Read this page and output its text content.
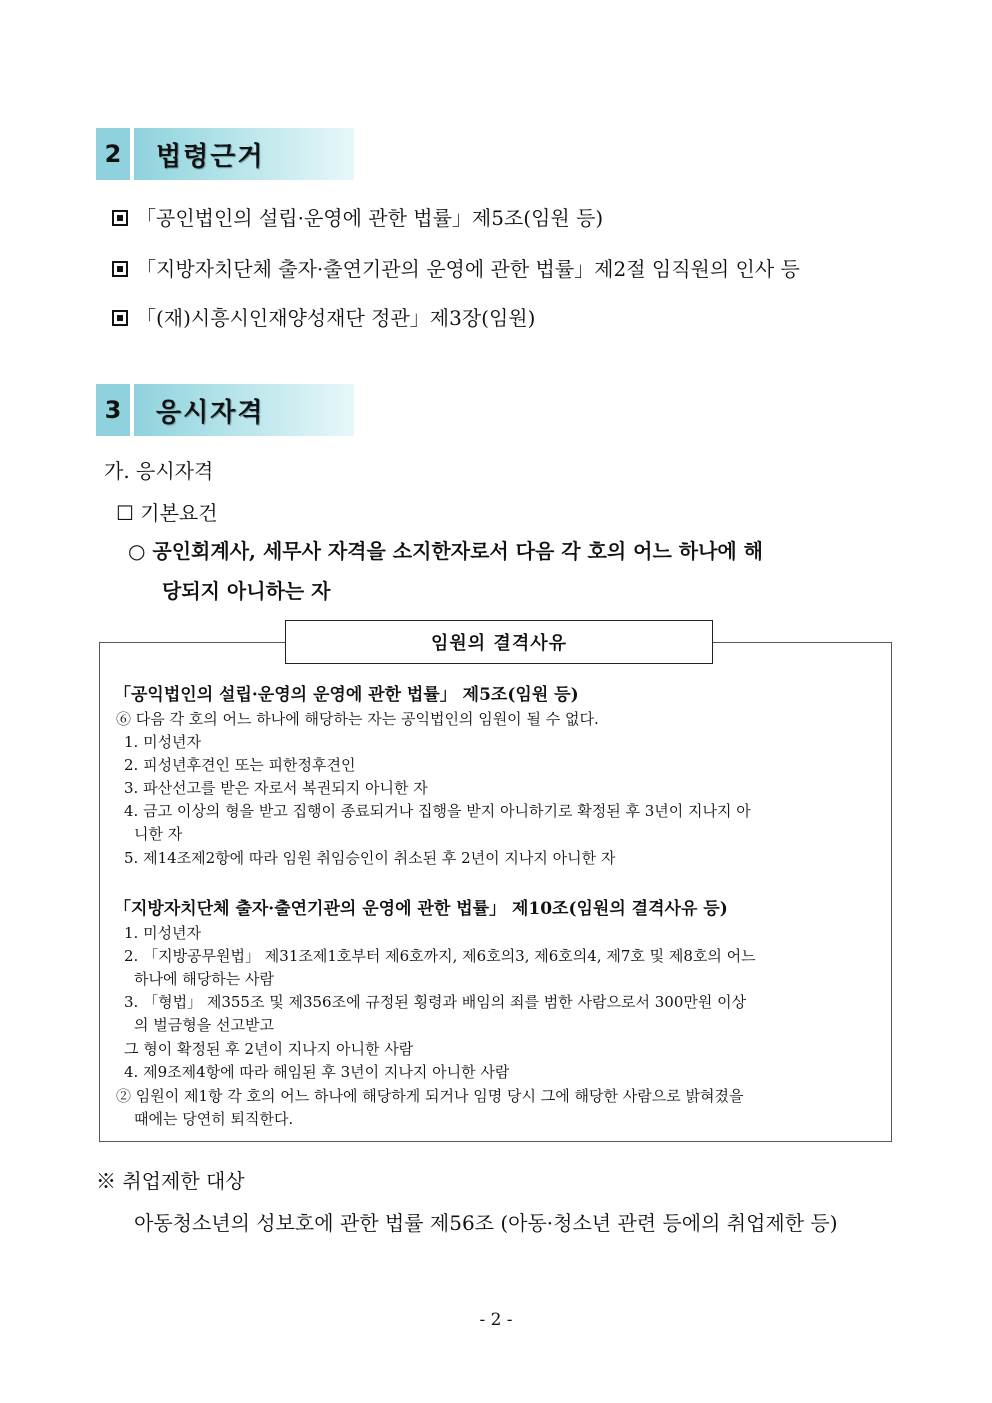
2	법령근거
「공인법인의 설립·운영에 관한 법률」제5조(임원 등)
「지방자치단체 출자·출연기관의 운영에 관한 법률」제2절 임직원의 인사 등
「(재)시흥시인재양성재단 정관」제3장(임원)
3	응시자격
가. 응시자격
☐ 기본요건
○ 공인회계사, 세무사 자격을 소지한자로서 다음 각 호의 어느 하나에 해
당되지 아니하는 자
임원의 결격사유
「공익법인의 설립·운영의 운영에 관한 법률」 제5조(임원 등)
⑥ 다음 각 호의 어느 하나에 해당하는 자는 공익법인의 임원이 될 수 없다.
1. 미성년자
2. 피성년후견인 또는 피한정후견인
3. 파산선고를 받은 자로서 복권되지 아니한 자
4. 금고 이상의 형을 받고 집행이 종료되거나 집행을 받지 아니하기로 확정된 후 3년이 지나지 아
니한 자
5. 제14조제2항에 따라 임원 취임승인이 취소된 후 2년이 지나지 아니한 자
「지방자치단체 출자·출연기관의 운영에 관한 법률」 제10조(임원의 결격사유 등)
1. 미성년자
2. 「지방공무원법」 제31조제1호부터 제6호까지, 제6호의3, 제6호의4, 제7호 및 제8호의 어느
하나에 해당하는 사람
3. 「형법」 제355조 및 제356조에 규정된 횡령과 배임의 죄를 범한 사람으로서 300만원 이상
의 벌금형을 선고받고
그 형이 확정된 후 2년이 지나지 아니한 사람
4. 제9조제4항에 따라 해임된 후 3년이 지나지 아니한 사람
② 임원이 제1항 각 호의 어느 하나에 해당하게 되거나 임명 당시 그에 해당한 사람으로 밝혀졌을
때에는 당연히 퇴직한다.
※ 취업제한 대상
아동청소년의 성보호에 관한 법률 제56조 (아동·청소년 관련 등에의 취업제한 등)
- 2 -
